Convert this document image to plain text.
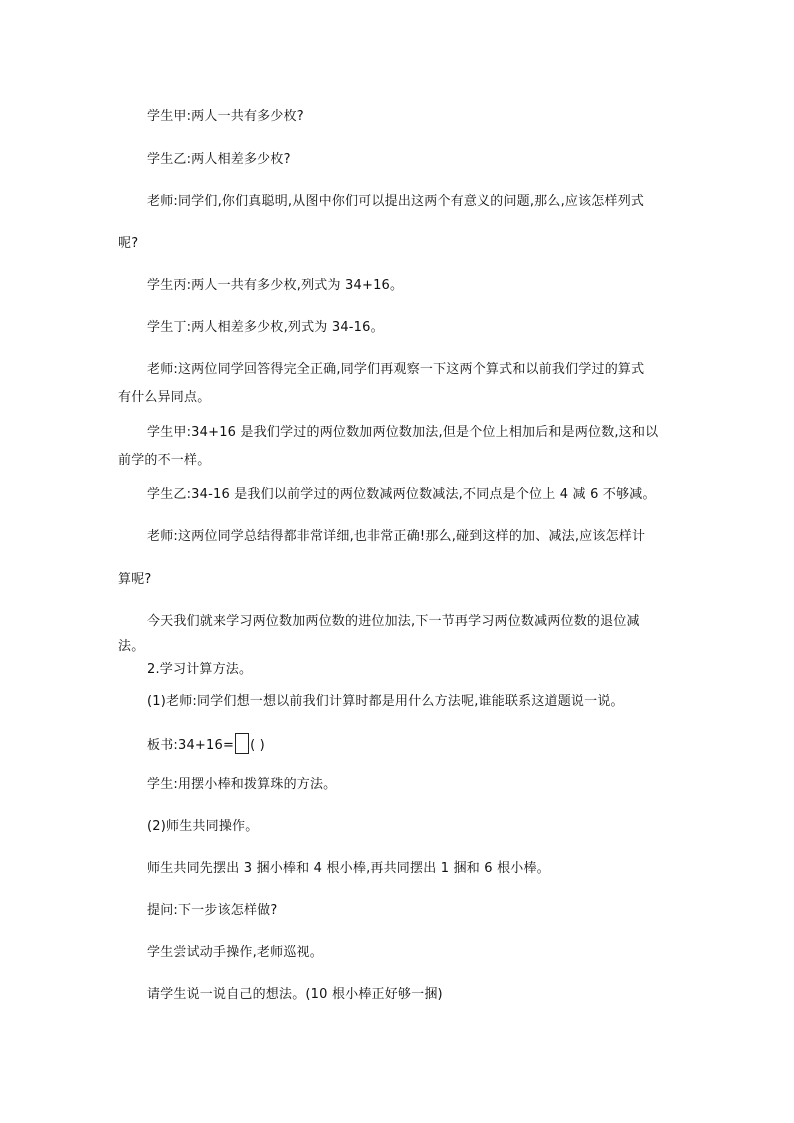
学生甲:两人一共有多少枚?
学生乙:两人相差多少枚?
老师:同学们,你们真聪明,从图中你们可以提出这两个有意义的问题,那么,应该怎样列式
呢?
学生丙:两人一共有多少枚,列式为 34+16。
学生丁:两人相差多少枚,列式为 34-16。
老师:这两位同学回答得完全正确,同学们再观察一下这两个算式和以前我们学过的算式
有什么异同点。
学生甲:34+16 是我们学过的两位数加两位数加法,但是个位上相加后和是两位数,这和以
前学的不一样。
学生乙:34-16 是我们以前学过的两位数减两位数减法,不同点是个位上 4 减 6 不够减。
老师:这两位同学总结得都非常详细,也非常正确!那么,碰到这样的加、减法,应该怎样计
算呢?
今天我们就来学习两位数加两位数的进位加法,下一节再学习两位数减两位数的退位减
法。
2.学习计算方法。
(1)老师:同学们想一想以前我们计算时都是用什么方法呢,谁能联系这道题说一说。
板书:34+16= ( )
学生:用摆小棒和拨算珠的方法。
(2)师生共同操作。
师生共同先摆出 3 捆小棒和 4 根小棒,再共同摆出 1 捆和 6 根小棒。
提问:下一步该怎样做?
学生尝试动手操作,老师巡视。
请学生说一说自己的想法。(10 根小棒正好够一捆)
